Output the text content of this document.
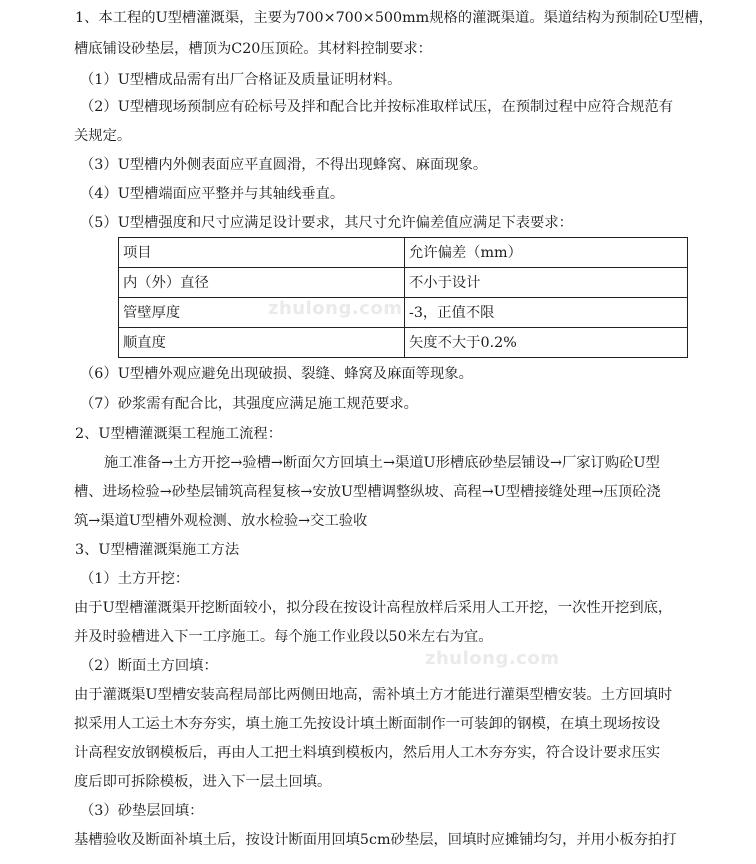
1、本工程的U型槽灌溉渠，主要为700×700×500mm规格的灌溉渠道。渠道结构为预制砼U型槽，
槽底铺设砂垫层，槽顶为C20压顶砼。其材料控制要求：
（1）U型槽成品需有出厂合格证及质量证明材料。
（2）U型槽现场预制应有砼标号及拌和配合比并按标准取样试压，在预制过程中应符合规范有
关规定。
（3）U型槽内外侧表面应平直圆滑，不得出现蜂窝、麻面现象。
（4）U型槽端面应平整并与其轴线垂直。
（5）U型槽强度和尺寸应满足设计要求，其尺寸允许偏差值应满足下表要求：
项目	允许偏差（mm）
内（外）直径	不小于设计
管壁厚度	-3，正值不限
顺直度	矢度不大于0.2%
（6）U型槽外观应避免出现破损、裂缝、蜂窝及麻面等现象。
（7）砂浆需有配合比，其强度应满足施工规范要求。
2、U型槽灌溉渠工程施工流程：
施工准备→土方开挖→验槽→断面欠方回填土→渠道U形槽底砂垫层铺设→厂家订购砼U型
槽、进场检验→砂垫层铺筑高程复核→安放U型槽调整纵坡、高程→U型槽接缝处理→压顶砼浇
筑→渠道U型槽外观检测、放水检验→交工验收
3、U型槽灌溉渠施工方法
（1）土方开挖：
由于U型槽灌溉渠开挖断面较小，拟分段在按设计高程放样后采用人工开挖，一次性开挖到底，
并及时验槽进入下一工序施工。每个施工作业段以50米左右为宜。
（2）断面土方回填：
由于灌溉渠U型槽安装高程局部比两侧田地高，需补填土方才能进行灌渠型槽安装。土方回填时
拟采用人工运土木夯夯实，填土施工先按设计填土断面制作一可装卸的钢模，在填土现场按设
计高程安放钢模板后，再由人工把土料填到模板内，然后用人工木夯夯实，符合设计要求压实
度后即可拆除模板，进入下一层土回填。
（3）砂垫层回填：
基槽验收及断面补填土后，按设计断面用回填5cm砂垫层，回填时应摊铺均匀，并用小板夯拍打
zhulong.com
zhulong.com
